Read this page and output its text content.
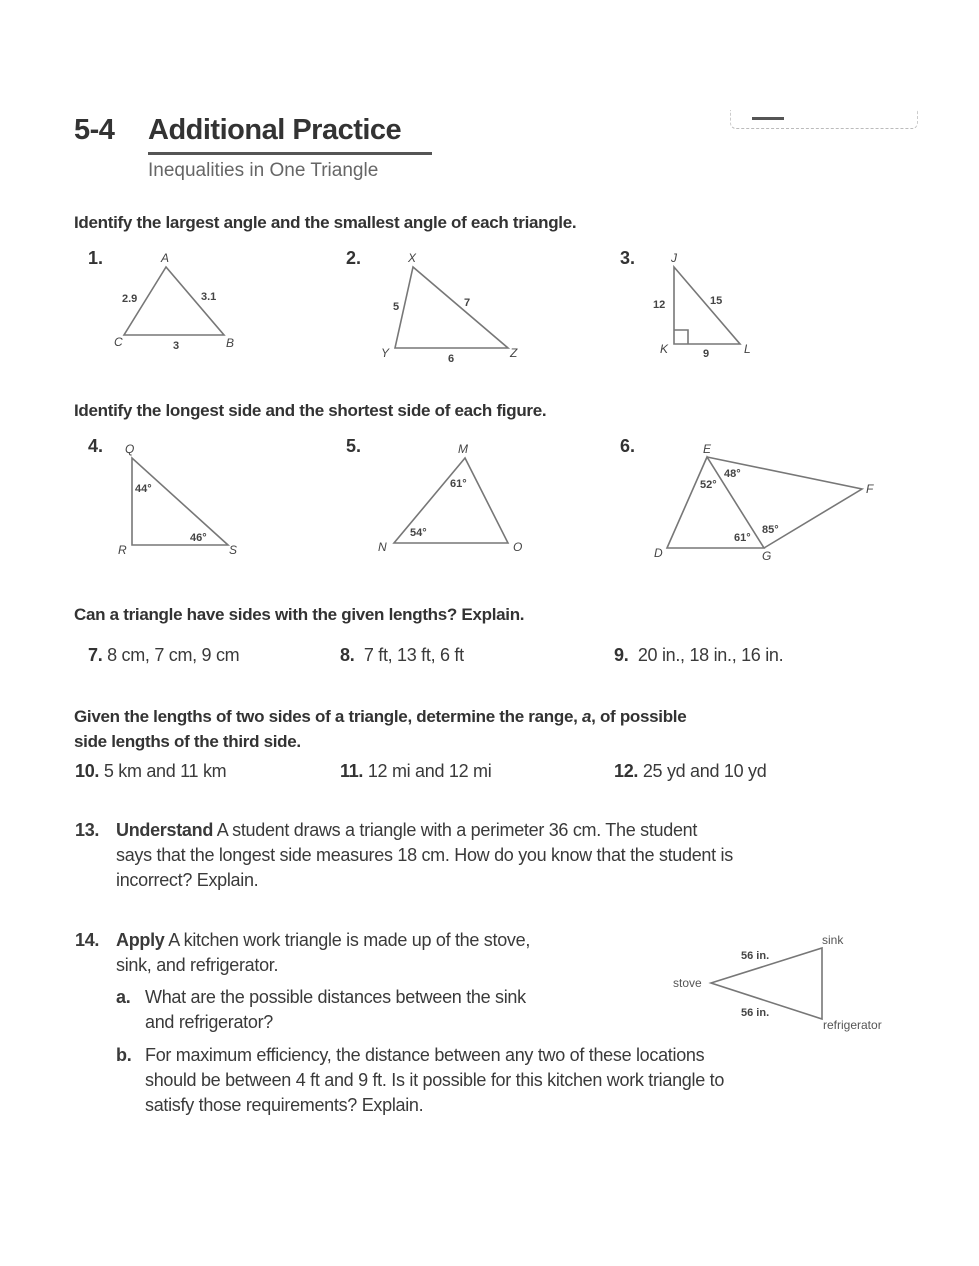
5-4 Additional Practice
Inequalities in One Triangle
Identify the largest angle and the smallest angle of each triangle.
1.	2.	3.
A
B
C
2.9	3.1
3
X
Y	Z
5	7
6
J
K	L
12	15
9
Identify the longest side and the shortest side of each figure.
4.	5.	6.
Q
R	S
44°
46°
M
N	O
61°
54°
E
D
F
G
52°
48°
61°
85°
Can a triangle have sides with the given lengths? Explain.
7. 8 cm, 7 cm, 9 cm	8. 7 ft, 13 ft, 6 ft	9. 20 in., 18 in., 16 in.
Given the lengths of two sides of a triangle, determine the range, a, of possible
side lengths of the third side.
10. 5 km and 11 km	11. 12 mi and 12 mi	12. 25 yd and 10 yd
13. Understand A student draws a triangle with a perimeter 36 cm. The student
says that the longest side measures 18 cm. How do you know that the student is
incorrect? Explain.
14. Apply A kitchen work triangle is made up of the stove,
sink, and refrigerator.
a. What are the possible distances between the sink
and refrigerator?
b. For maximum efficiency, the distance between any two of these locations
should be between 4 ft and 9 ft. Is it possible for this kitchen work triangle to
satisfy those requirements? Explain.
stove
sink
refrigerator
56 in.
56 in.
